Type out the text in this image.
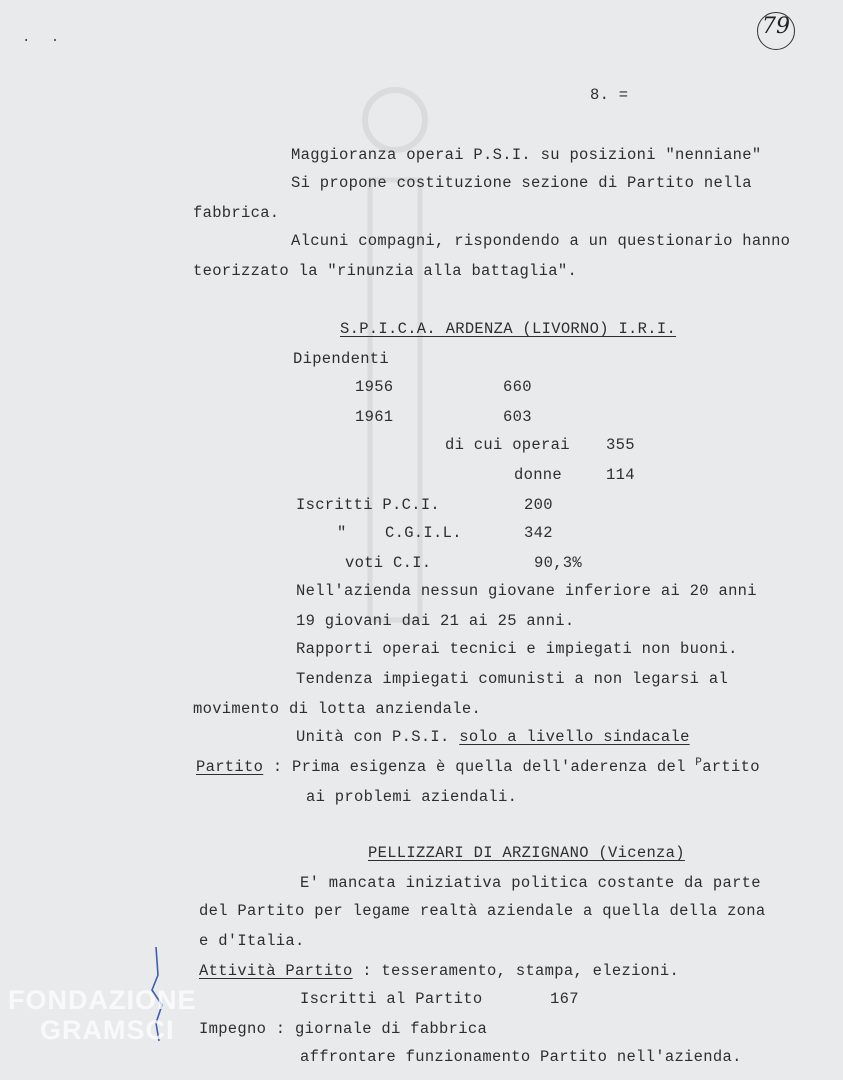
. .	79
8. =
Maggioranza operai P.S.I. su posizioni "nenniane"
Si propone costituzione sezione di Partito nella
fabbrica.
Alcuni compagni, rispondendo a un questionario hanno
teorizzato la "rinunzia alla battaglia".
S.P.I.C.A. ARDENZA (LIVORNO) I.R.I.
Dipendenti
1956	660
1961	603
di cui operai 355
donne	114
Iscritti P.C.I.	200
" C.G.I.L.	342
voti C.I.	90,3%
Nell'azienda nessun giovane inferiore ai 20 anni
19 giovani dai 21 ai 25 anni.
Rapporti operai tecnici e impiegati non buoni.
Tendenza impiegati comunisti a non legarsi al
movimento di lotta anziendale.
Unità con P.S.I. solo a livello sindacale
Partito : Prima esigenza è quella dell'aderenza del $^P$artito
ai problemi aziendali.
PELLIZZARI DI ARZIGNANO (Vicenza)
E' mancata iniziativa politica costante da parte
del Partito per legame realtà aziendale a quella della zona
e d'Italia.
Attività Partito : tesseramento, stampa, elezioni.
Iscritti al Partito	167
Impegno : giornale di fabbrica
affrontare funzionamento Partito nell'azienda.
FONDAZIONE
GRAMSCI
